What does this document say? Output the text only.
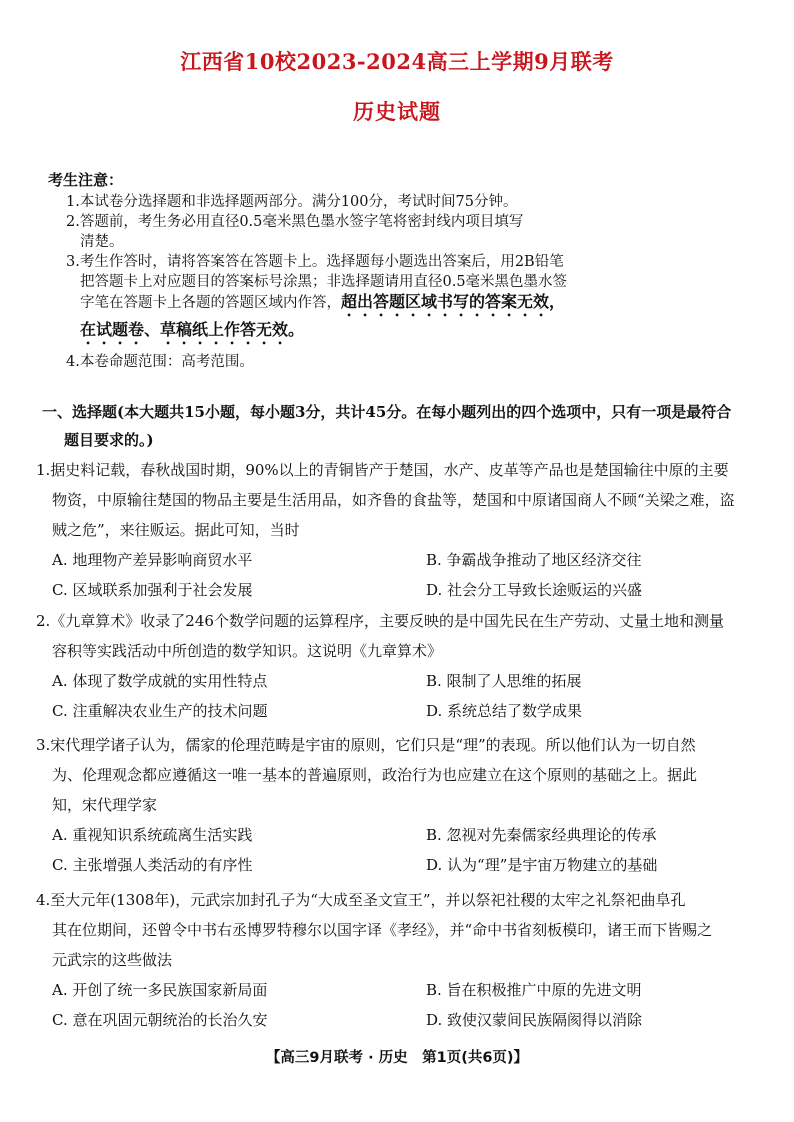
江西省10校2023-2024高三上学期9月联考
历史试题
考生注意：
1.本试卷分选择题和非选择题两部分。满分100分，考试时间75分钟。
2.答题前，考生务必用直径0.5毫米黑色墨水签字笔将密封线内项目填写
清楚。
3.考生作答时，请将答案答在答题卡上。选择题每小题选出答案后，用2B铅笔
把答题卡上对应题目的答案标号涂黑；非选择题请用直径0.5毫米黑色墨水签
字笔在答题卡上各题的答题区域内作答，超出答题区域书写的答案无效，
在试题卷、草稿纸上作答无效。
4.本卷命题范围：高考范围。
一、选择题(本大题共15小题，每小题3分，共计45分。在每小题列出的四个选项中，只有一项是最符合
题目要求的。)
1.据史料记载，春秋战国时期，90%以上的青铜皆产于楚国，水产、皮革等产品也是楚国输往中原的主要
物资，中原输往楚国的物品主要是生活用品，如齐鲁的食盐等，楚国和中原诸国商人不顾“关梁之难，盗
贼之危”，来往贩运。据此可知，当时
A. 地理物产差异影响商贸水平	B. 争霸战争推动了地区经济交往
C. 区域联系加强利于社会发展	D. 社会分工导致长途贩运的兴盛
2.《九章算术》收录了246个数学问题的运算程序，主要反映的是中国先民在生产劳动、丈量土地和测量
容积等实践活动中所创造的数学知识。这说明《九章算术》
A. 体现了数学成就的实用性特点	B. 限制了人思维的拓展
C. 注重解决农业生产的技术问题	D. 系统总结了数学成果
3.宋代理学诸子认为，儒家的伦理范畴是宇宙的原则，它们只是“理”的表现。所以他们认为一切自然
为、伦理观念都应遵循这一唯一基本的普遍原则，政治行为也应建立在这个原则的基础之上。据此
知，宋代理学家
A. 重视知识系统疏离生活实践	B. 忽视对先秦儒家经典理论的传承
C. 主张增强人类活动的有序性	D. 认为“理”是宇宙万物建立的基础
4.至大元年(1308年)，元武宗加封孔子为“大成至圣文宣王”，并以祭祀社稷的太牢之礼祭祀曲阜孔
其在位期间，还曾令中书右丞博罗特穆尔以国字译《孝经》，并“命中书省刻板模印，诸王而下皆赐之
元武宗的这些做法
A. 开创了统一多民族国家新局面	B. 旨在积极推广中原的先进文明
C. 意在巩固元朝统治的长治久安	D. 致使汉蒙间民族隔阂得以消除
【高三9月联考 · 历史　第1页(共6页)】
